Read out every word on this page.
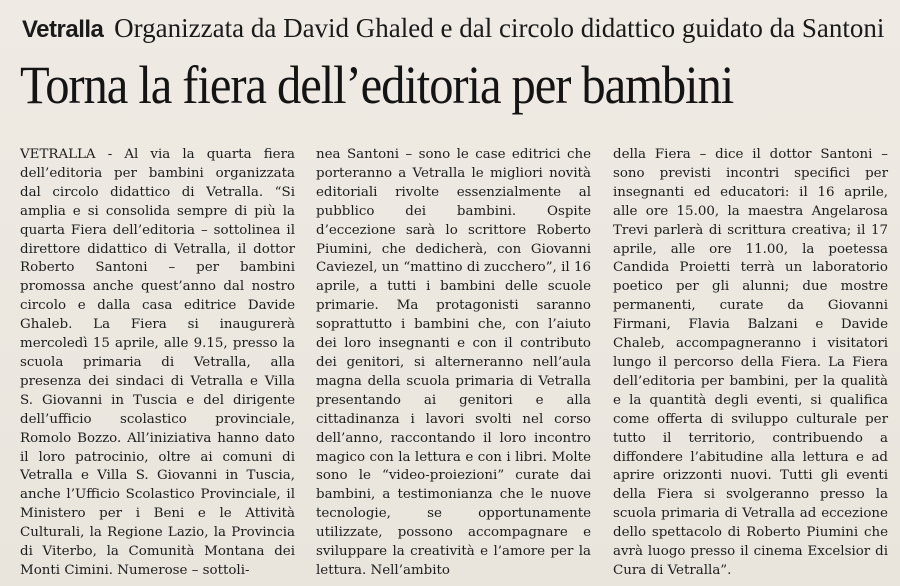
Vetralla Organizzata da David Ghaled e dal circolo didattico guidato da Santoni
Torna la fiera dell’editoria per bambini

VETRALLA - Al via la quarta fiera dell’editoria per bambini organizzata dal circolo didattico di Vetralla. “Si amplia e si consolida sempre di più la quarta Fiera dell’editoria – sottolinea il direttore didattico di Vetralla, il dottor Roberto Santoni – per bambini promossa anche quest’anno dal nostro circolo e dalla casa editrice Davide Ghaleb. La Fiera si inaugurerà mercoledì 15 aprile, alle 9.15, presso la scuola primaria di Vetralla, alla presenza dei sindaci di Vetralla e Villa S. Giovanni in Tuscia e del dirigente dell’ufficio scolastico provinciale, Romolo Bozzo. All’iniziativa hanno dato il loro patrocinio, oltre ai comuni di Vetralla e Villa S. Giovanni in Tuscia, anche l’Ufficio Scolastico Provinciale, il Ministero per i Beni e le Attività Culturali, la Regione Lazio, la Provincia di Viterbo, la Comunità Montana dei Monti Cimini. Numerose – sottoli-

nea Santoni – sono le case editrici che porteranno a Vetralla le migliori novità editoriali rivolte essenzialmente al pubblico dei bambini. Ospite d’eccezione sarà lo scrittore Roberto Piumini, che dedicherà, con Giovanni Caviezel, un “mattino di zucchero”, il 16 aprile, a tutti i bambini delle scuole primarie. Ma protagonisti saranno soprattutto i bambini che, con l’aiuto dei loro insegnanti e con il contributo dei genitori, si alterneranno nell’aula magna della scuola primaria di Vetralla presentando ai genitori e alla cittadinanza i lavori svolti nel corso dell’anno, raccontando il loro incontro magico con la lettura e con i libri. Molte sono le “video-proiezioni” curate dai bambini, a testimonianza che le nuove tecnologie, se opportunamente utilizzate, possono accompagnare e sviluppare la creatività e l’amore per la lettura. Nell’ambito

della Fiera – dice il dottor Santoni – sono previsti incontri specifici per insegnanti ed educatori: il 16 aprile, alle ore 15.00, la maestra Angelarosa Trevi parlerà di scrittura creativa; il 17 aprile, alle ore 11.00, la poetessa Candida Proietti terrà un laboratorio poetico per gli alunni; due mostre permanenti, curate da Giovanni Firmani, Flavia Balzani e Davide Chaleb, accompagneranno i visitatori lungo il percorso della Fiera. La Fiera dell’editoria per bambini, per la qualità e la quantità degli eventi, si qualifica come offerta di sviluppo culturale per tutto il territorio, contribuendo a diffondere l’abitudine alla lettura e ad aprire orizzonti nuovi. Tutti gli eventi della Fiera si svolgeranno presso la scuola primaria di Vetralla ad eccezione dello spettacolo di Roberto Piumini che avrà luogo presso il cinema Excelsior di Cura di Vetralla”.
